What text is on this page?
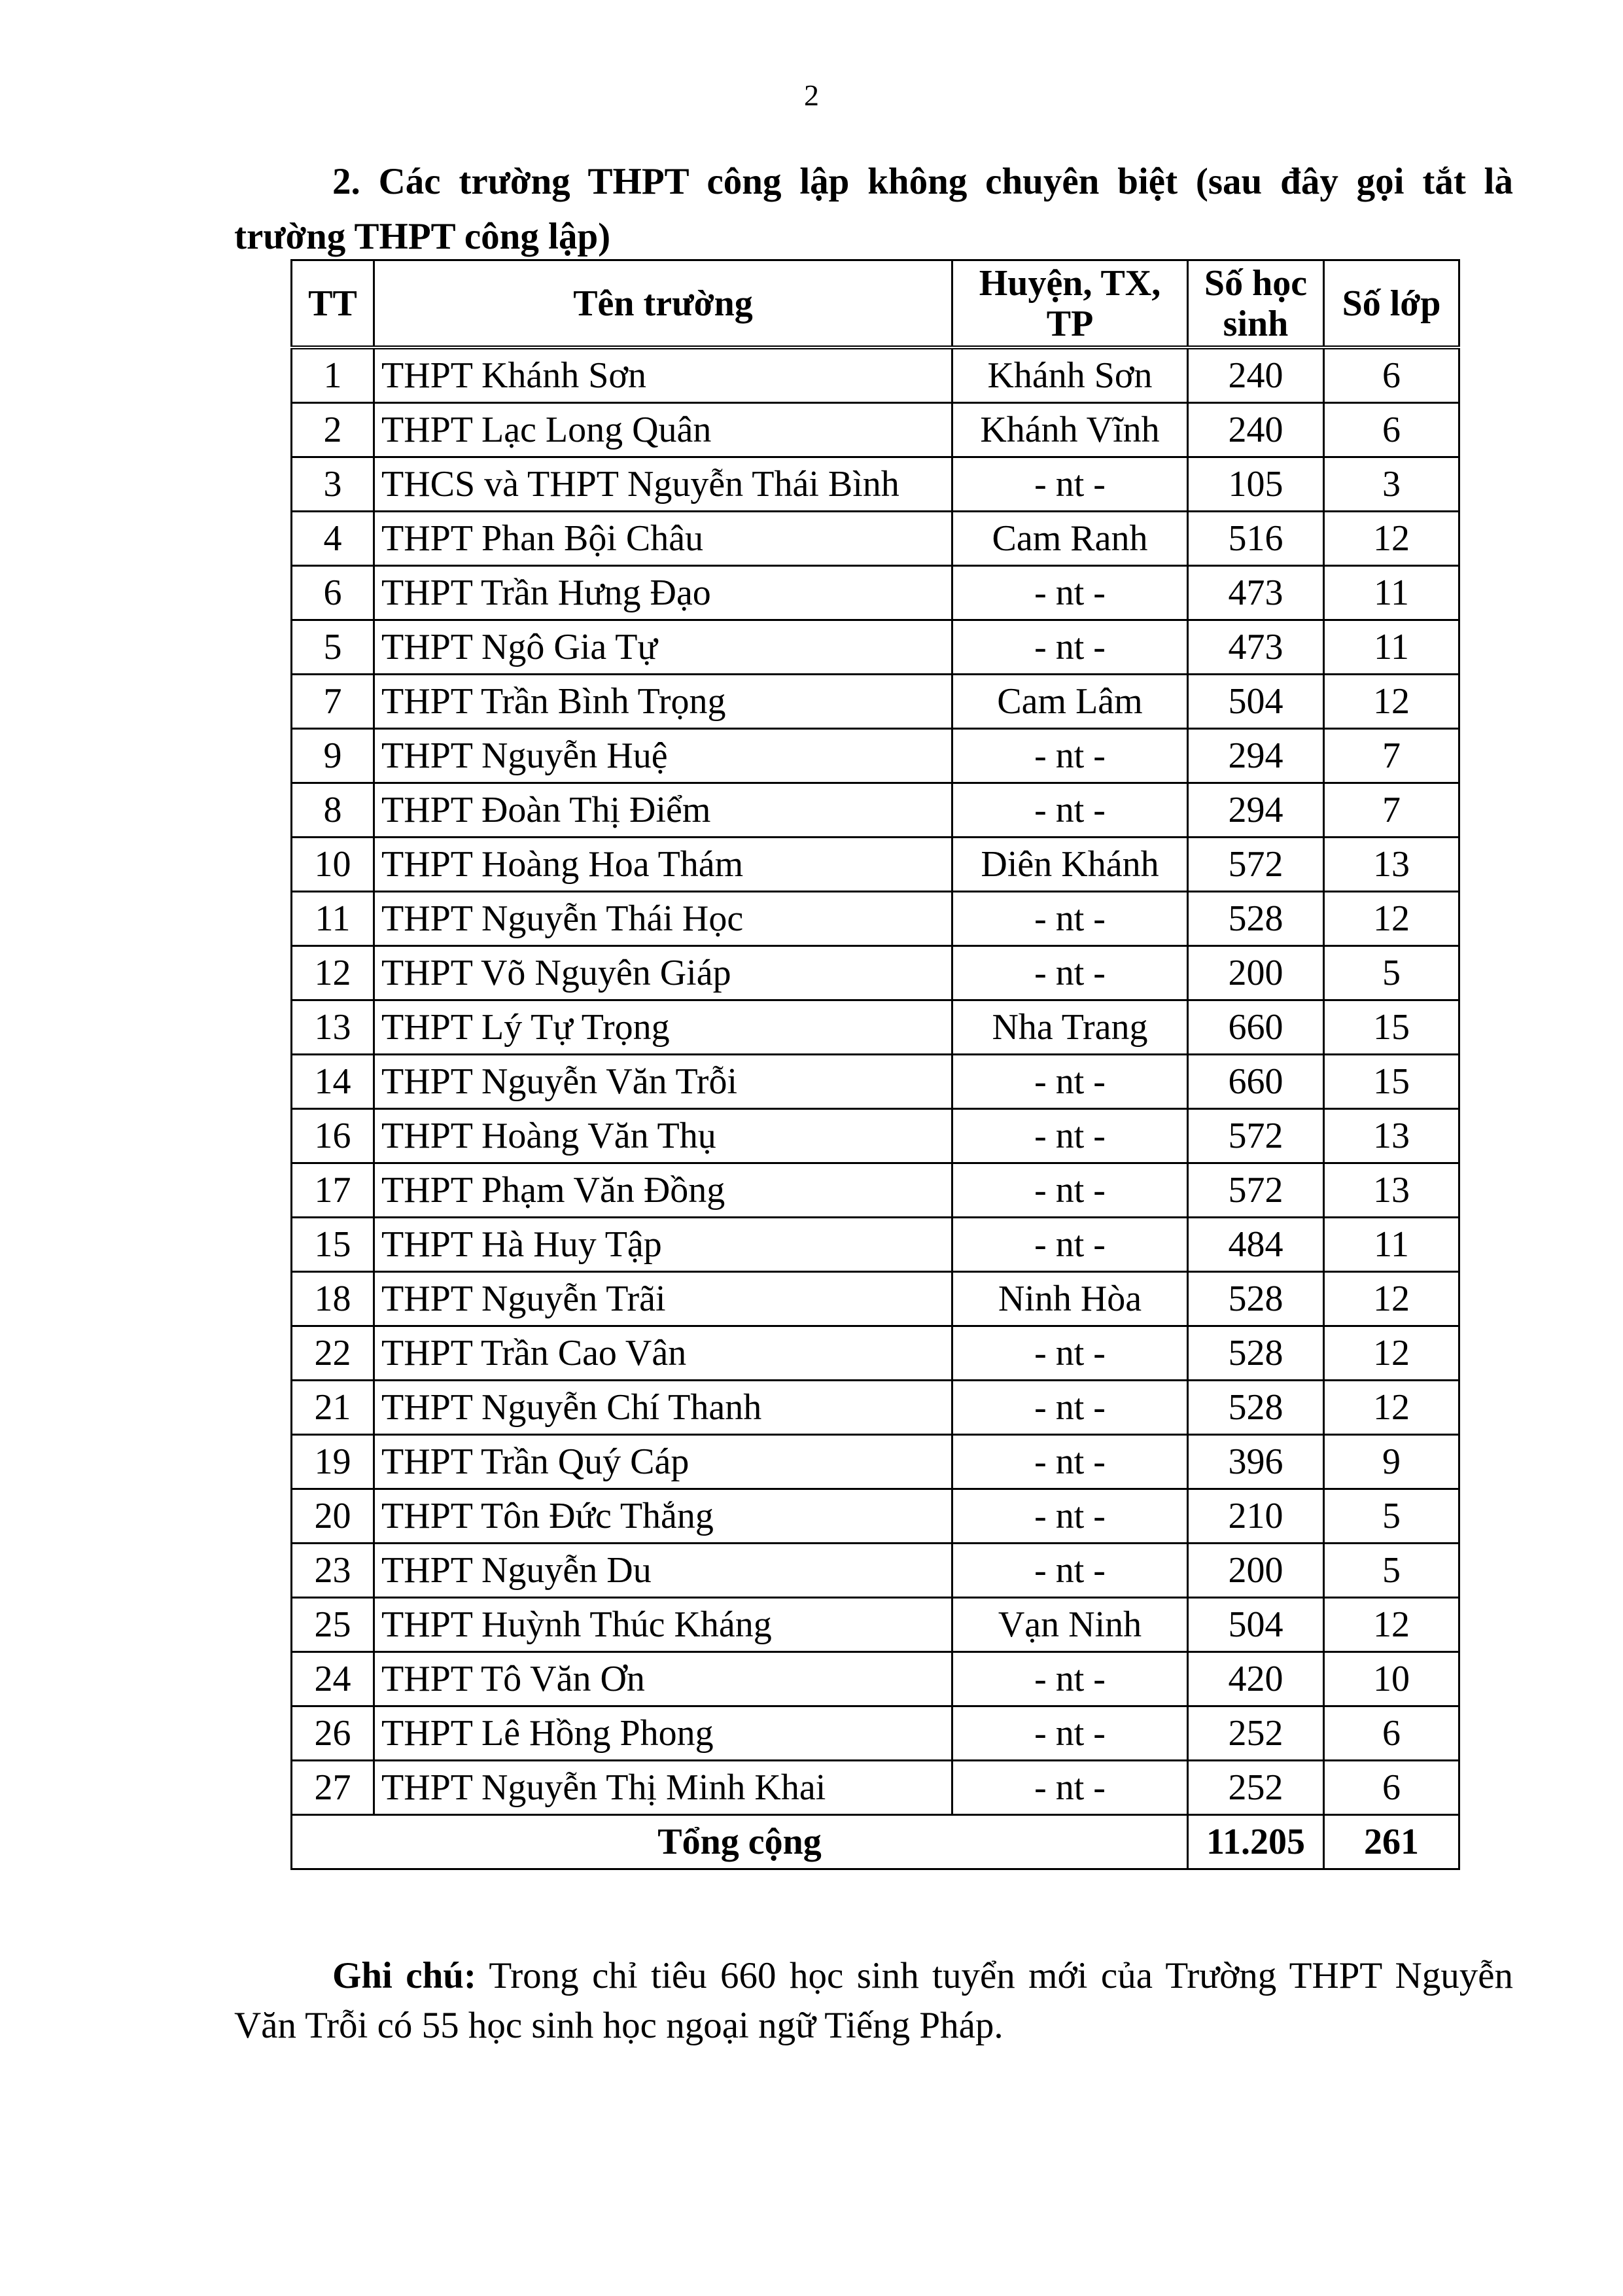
2
2. Các trường THPT công lập không chuyên biệt (sau đây gọi tắt là trường THPT công lập)
TT	Tên trường	Huyện, TX, TP	Số học sinh	Số lớp
1	THPT Khánh Sơn	Khánh Sơn	240	6
2	THPT Lạc Long Quân	Khánh Vĩnh	240	6
3	THCS và THPT Nguyễn Thái Bình	- nt -	105	3
4	THPT Phan Bội Châu	Cam Ranh	516	12
6	THPT Trần Hưng Đạo	- nt -	473	11
5	THPT Ngô Gia Tự	- nt -	473	11
7	THPT Trần Bình Trọng	Cam Lâm	504	12
9	THPT Nguyễn Huệ	- nt -	294	7
8	THPT Đoàn Thị Điểm	- nt -	294	7
10	THPT Hoàng Hoa Thám	Diên Khánh	572	13
11	THPT Nguyễn Thái Học	- nt -	528	12
12	THPT Võ Nguyên Giáp	- nt -	200	5
13	THPT Lý Tự Trọng	Nha Trang	660	15
14	THPT Nguyễn Văn Trỗi	- nt -	660	15
16	THPT Hoàng Văn Thụ	- nt -	572	13
17	THPT Phạm Văn Đồng	- nt -	572	13
15	THPT Hà Huy Tập	- nt -	484	11
18	THPT Nguyễn Trãi	Ninh Hòa	528	12
22	THPT Trần Cao Vân	- nt -	528	12
21	THPT Nguyễn Chí Thanh	- nt -	528	12
19	THPT Trần Quý Cáp	- nt -	396	9
20	THPT Tôn Đức Thắng	- nt -	210	5
23	THPT Nguyễn Du	- nt -	200	5
25	THPT Huỳnh Thúc Kháng	Vạn Ninh	504	12
24	THPT Tô Văn Ơn	- nt -	420	10
26	THPT Lê Hồng Phong	- nt -	252	6
27	THPT Nguyễn Thị Minh Khai	- nt -	252	6
Tổng cộng			11.205	261
Ghi chú: Trong chỉ tiêu 660 học sinh tuyển mới của Trường THPT Nguyễn Văn Trỗi có 55 học sinh học ngoại ngữ Tiếng Pháp.
